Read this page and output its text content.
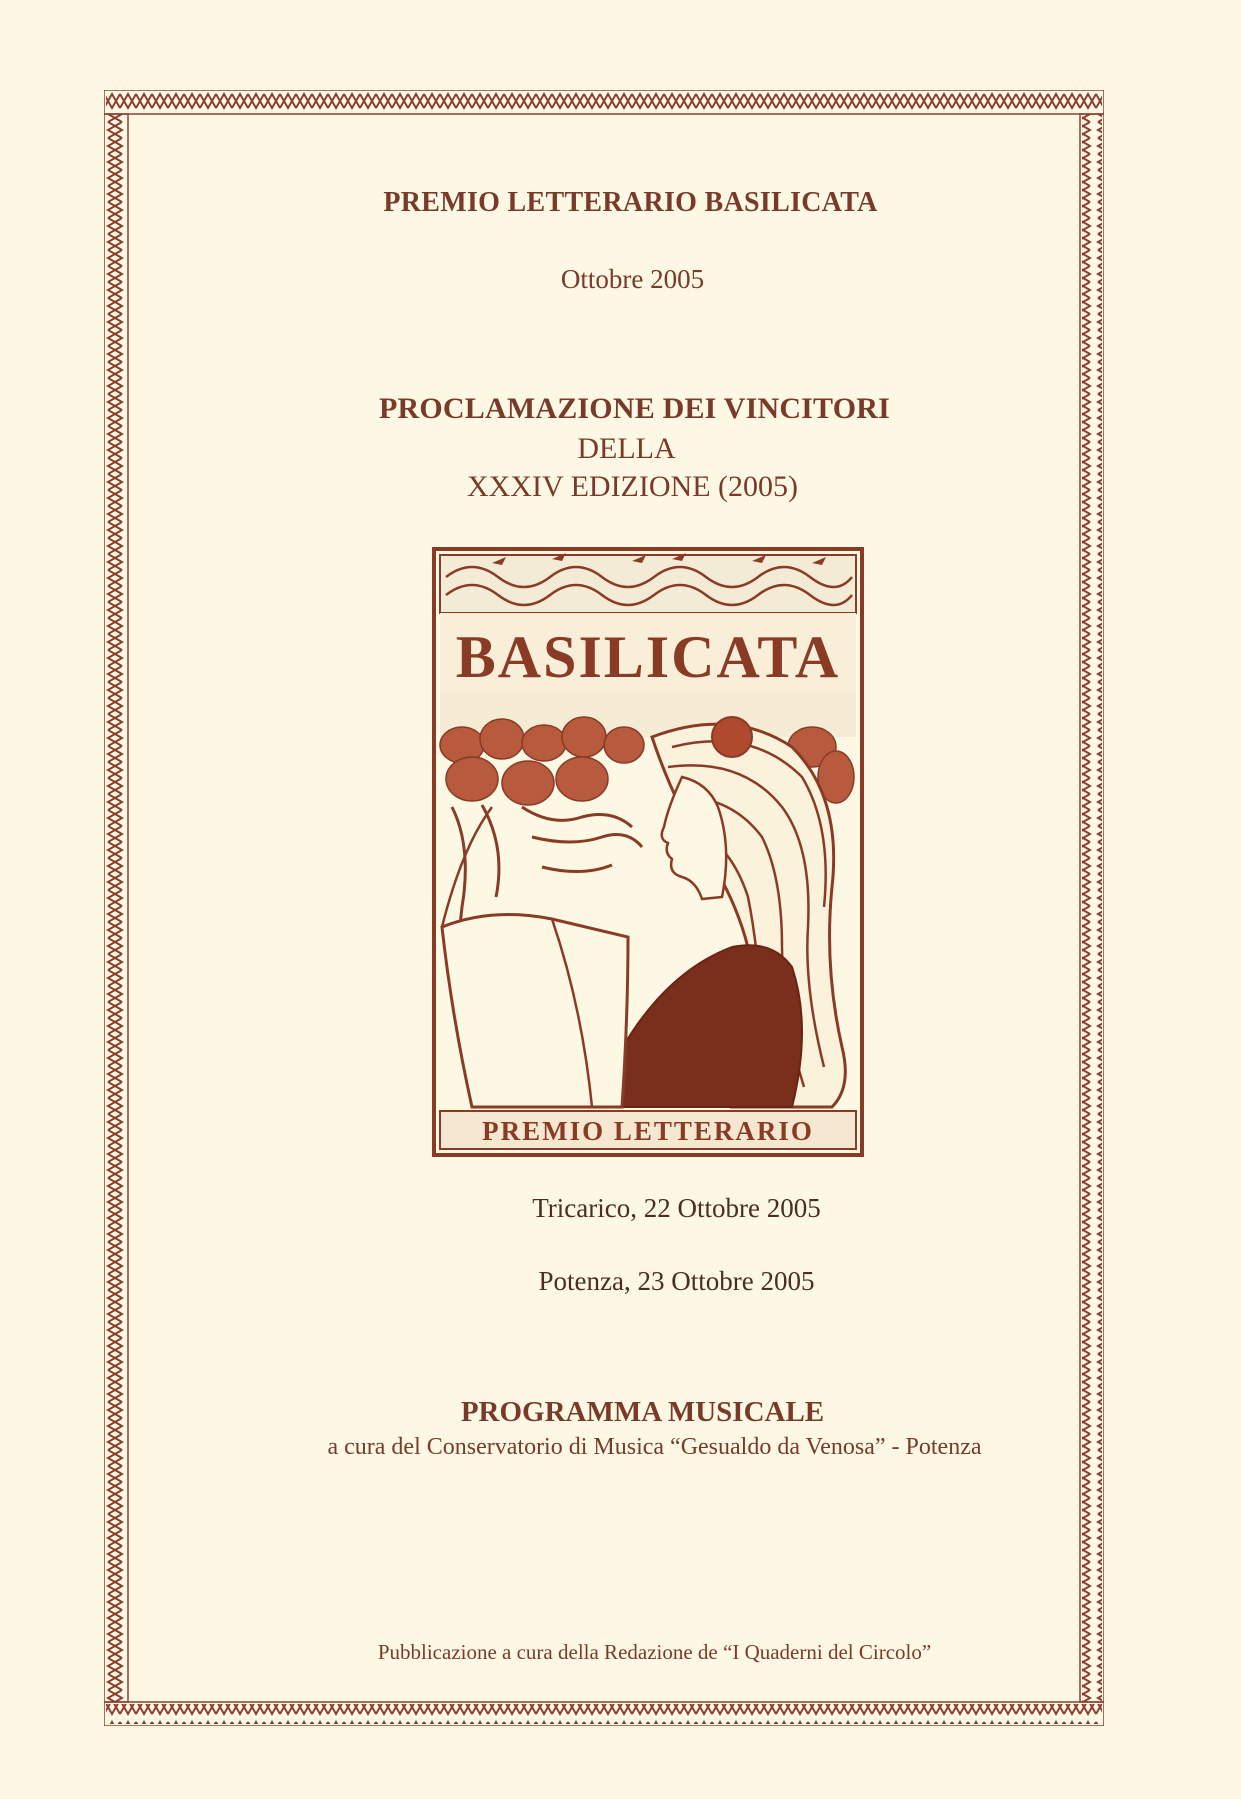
PREMIO LETTERARIO BASILICATA
Ottobre 2005
PROCLAMAZIONE DEI VINCITORI
DELLA
XXXIV EDIZIONE (2005)
BASILICATA
PREMIO LETTERARIO
Tricarico, 22 Ottobre 2005
Potenza, 23 Ottobre 2005
PROGRAMMA MUSICALE
a cura del Conservatorio di Musica “Gesualdo da Venosa” - Potenza
Pubblicazione a cura della Redazione de “I Quaderni del Circolo”
